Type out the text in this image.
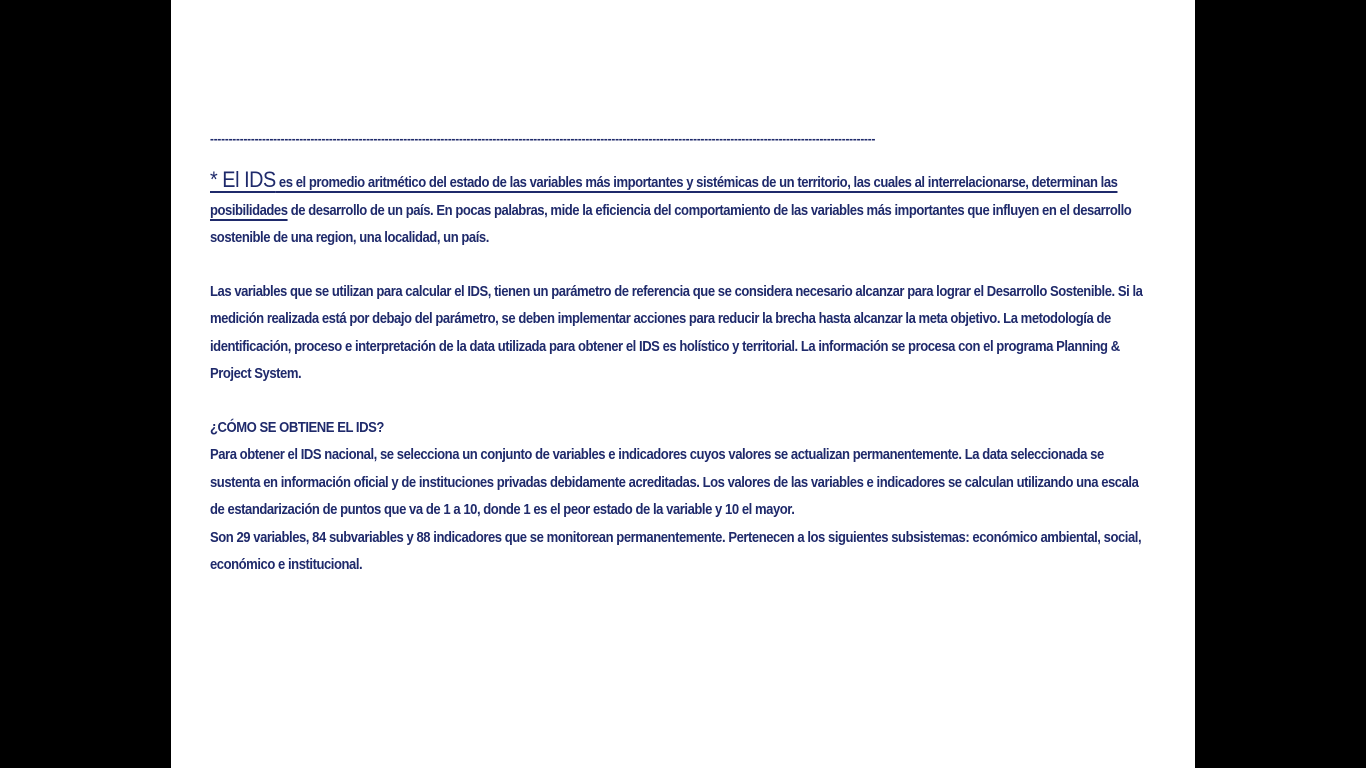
-----------------------------------------------------------------------------------------------------------------------------------------------------------------------------------

* El IDS es el promedio aritmético del estado de las variables más importantes y sistémicas de un territorio, las cuales al interrelacionarse, determinan las posibilidades de desarrollo de un país. En pocas palabras, mide la eficiencia del comportamiento de las variables más importantes que influyen en el desarrollo sostenible de una region, una localidad, un país.

Las variables que se utilizan para calcular el IDS, tienen un parámetro de referencia que se considera necesario alcanzar para lograr el Desarrollo Sostenible. Si la medición realizada está por debajo del parámetro, se deben implementar acciones para reducir la brecha hasta alcanzar la meta objetivo. La metodología de identificación, proceso e interpretación de la data utilizada para obtener el IDS es holístico y territorial. La información se procesa con el programa Planning & Project System.

¿CÓMO SE OBTIENE EL IDS?

Para obtener el IDS nacional, se selecciona un conjunto de variables e indicadores cuyos valores se actualizan permanentemente. La data seleccionada se sustenta en información oficial y de instituciones privadas debidamente acreditadas. Los valores de las variables e indicadores se calculan utilizando una escala de estandarización de puntos que va de 1 a 10, donde 1 es el peor estado de la variable y 10 el mayor.

Son 29 variables, 84 subvariables y 88 indicadores que se monitorean permanentemente. Pertenecen a los siguientes subsistemas: económico ambiental, social, económico e institucional.
